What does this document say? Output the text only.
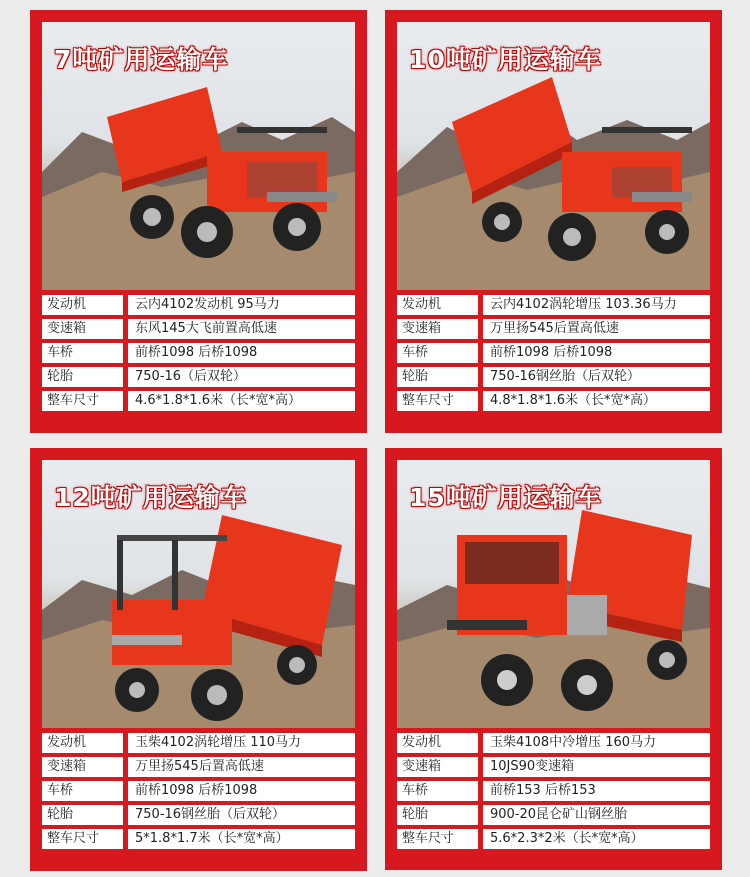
7吨矿用运输车
发动机	云内4102发动机 95马力
变速箱	东风145大飞前置高低速
车桥	前桥1098 后桥1098
轮胎	750-16（后双轮）
整车尺寸	4.6*1.8*1.6米（长*宽*高）
10吨矿用运输车
发动机	云内4102涡轮增压 103.36马力
变速箱	万里扬545后置高低速
车桥	前桥1098 后桥1098
轮胎	750-16钢丝胎（后双轮）
整车尺寸	4.8*1.8*1.6米（长*宽*高）
12吨矿用运输车
发动机	玉柴4102涡轮增压 110马力
变速箱	万里扬545后置高低速
车桥	前桥1098 后桥1098
轮胎	750-16钢丝胎（后双轮）
整车尺寸	5*1.8*1.7米（长*宽*高）
15吨矿用运输车
发动机	玉柴4108中冷增压 160马力
变速箱	10JS90变速箱
车桥	前桥153 后桥153
轮胎	900-20昆仑矿山钢丝胎
整车尺寸	5.6*2.3*2米（长*宽*高）
